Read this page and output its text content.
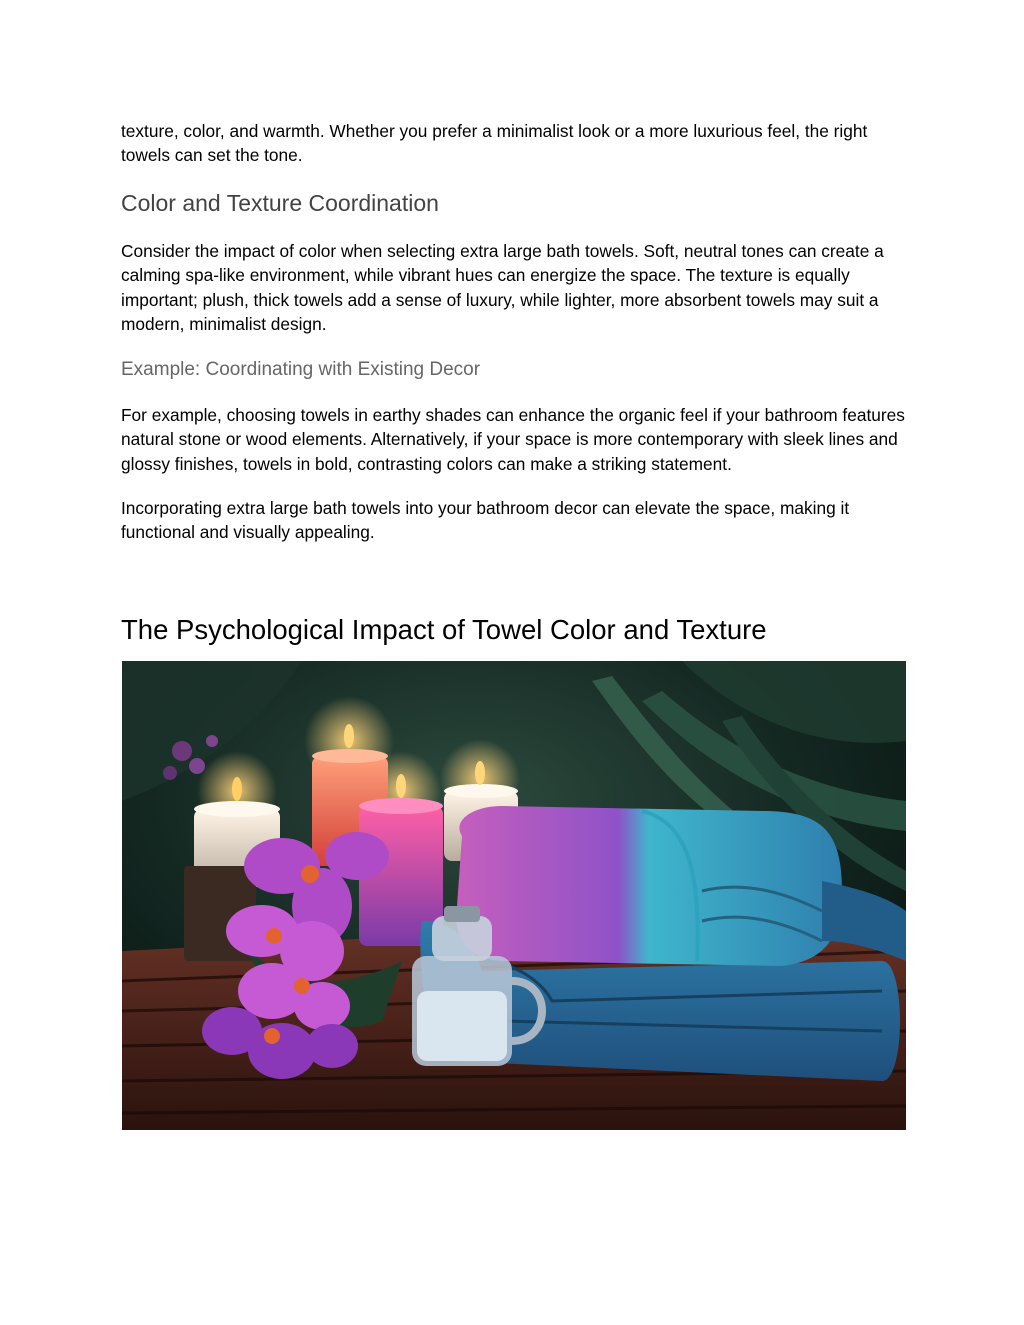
texture, color, and warmth. Whether you prefer a minimalist look or a more luxurious feel, the right towels can set the tone.

Color and Texture Coordination

Consider the impact of color when selecting extra large bath towels. Soft, neutral tones can create a calming spa-like environment, while vibrant hues can energize the space. The texture is equally important; plush, thick towels add a sense of luxury, while lighter, more absorbent towels may suit a modern, minimalist design.

Example: Coordinating with Existing Decor

For example, choosing towels in earthy shades can enhance the organic feel if your bathroom features natural stone or wood elements. Alternatively, if your space is more contemporary with sleek lines and glossy finishes, towels in bold, contrasting colors can make a striking statement.

Incorporating extra large bath towels into your bathroom decor can elevate the space, making it functional and visually appealing.

The Psychological Impact of Towel Color and Texture
